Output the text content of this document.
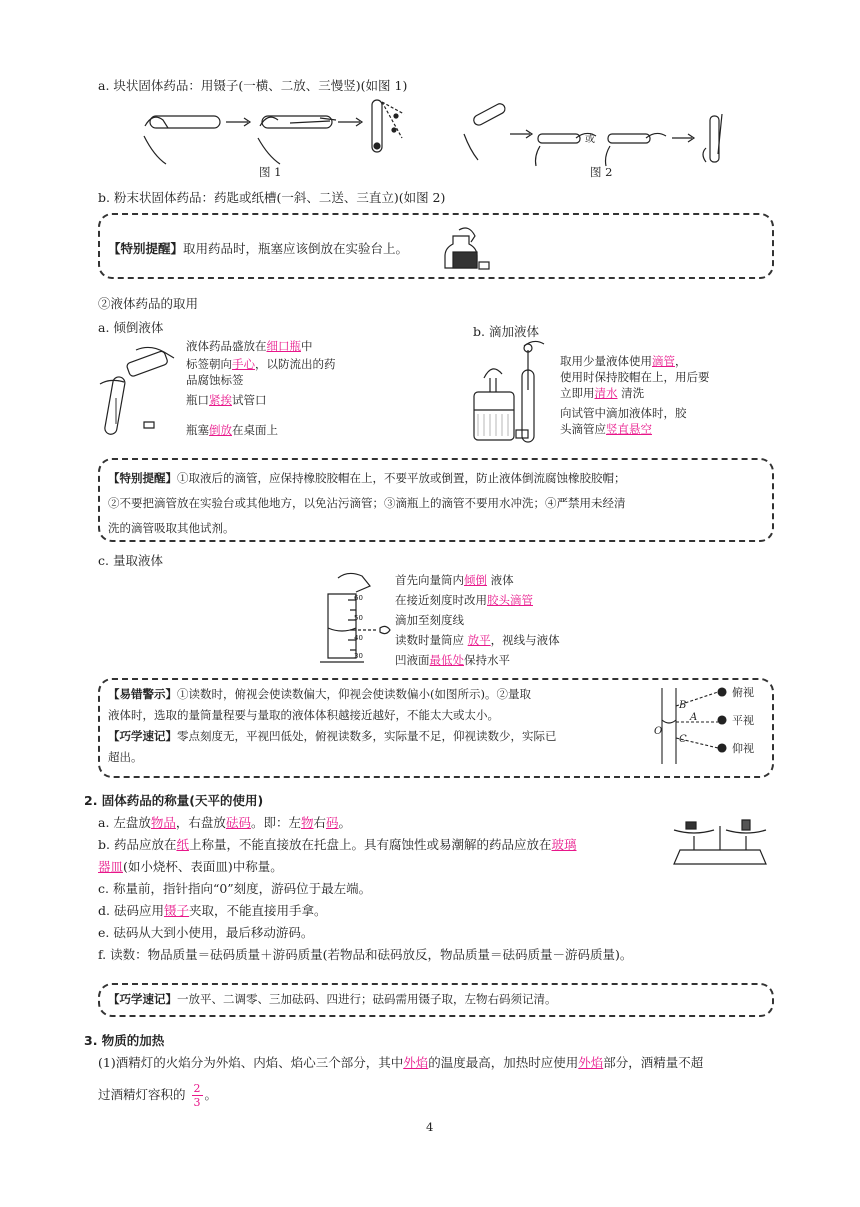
a. 块状固体药品：用镊子(一横、二放、三慢竖)(如图 1)
图 1
或
图 2
b. 粉末状固体药品：药匙或纸槽(一斜、二送、三直立)(如图 2)
【特别提醒】取用药品时，瓶塞应该倒放在实验台上。
②液体药品的取用
a. 倾倒液体	b. 滴加液体
液体药品盛放在细口瓶中
标签朝向手心，以防流出的药
品腐蚀标签
瓶口紧挨试管口
瓶塞倒放在桌面上
取用少量液体使用滴管，
使用时保持胶帽在上，用后要
立即用清水 清洗
向试管中滴加液体时，胶
头滴管应竖直悬空
【特别提醒】①取液后的滴管，应保持橡胶胶帽在上，不要平放或倒置，防止液体倒流腐蚀橡胶胶帽；
②不要把滴管放在实验台或其他地方，以免沾污滴管；③滴瓶上的滴管不要用水冲洗；④严禁用未经清
洗的滴管吸取其他试剂。
c. 量取液体
60
50
40
30
首先向量筒内倾倒 液体
在接近刻度时改用胶头滴管
滴加至刻度线
读数时量筒应 放平，视线与液体
凹液面最低处保持水平
【易错警示】①读数时，俯视会使读数偏大，仰视会使读数偏小(如图所示)。②量取
液体时，选取的量筒量程要与量取的液体体积越接近越好，不能太大或太小。
【巧学速记】零点刻度无，平视凹低处，俯视读数多，实际量不足，仰视读数少，实际已
超出。
B
A
C
O
俯视
平视
仰视
2. 固体药品的称量(天平的使用)
a. 左盘放物品，右盘放砝码。即：左物右码。
b. 药品应放在纸上称量，不能直接放在托盘上。具有腐蚀性或易潮解的药品应放在玻璃
器皿(如小烧杯、表面皿)中称量。
c. 称量前，指针指向“0”刻度，游码位于最左端。
d. 砝码应用镊子夹取，不能直接用手拿。
e. 砝码从大到小使用，最后移动游码。
f. 读数：物品质量＝砝码质量＋游码质量(若物品和砝码放反，物品质量＝砝码质量－游码质量)。
【巧学速记】一放平、二调零、三加砝码、四进行；砝码需用镊子取，左物右码须记清。
3. 物质的加热
(1)酒精灯的火焰分为外焰、内焰、焰心三个部分，其中外焰的温度最高，加热时应使用外焰部分，酒精量不超
过酒精灯容积的 $\frac{2}{3}$ 。
4
